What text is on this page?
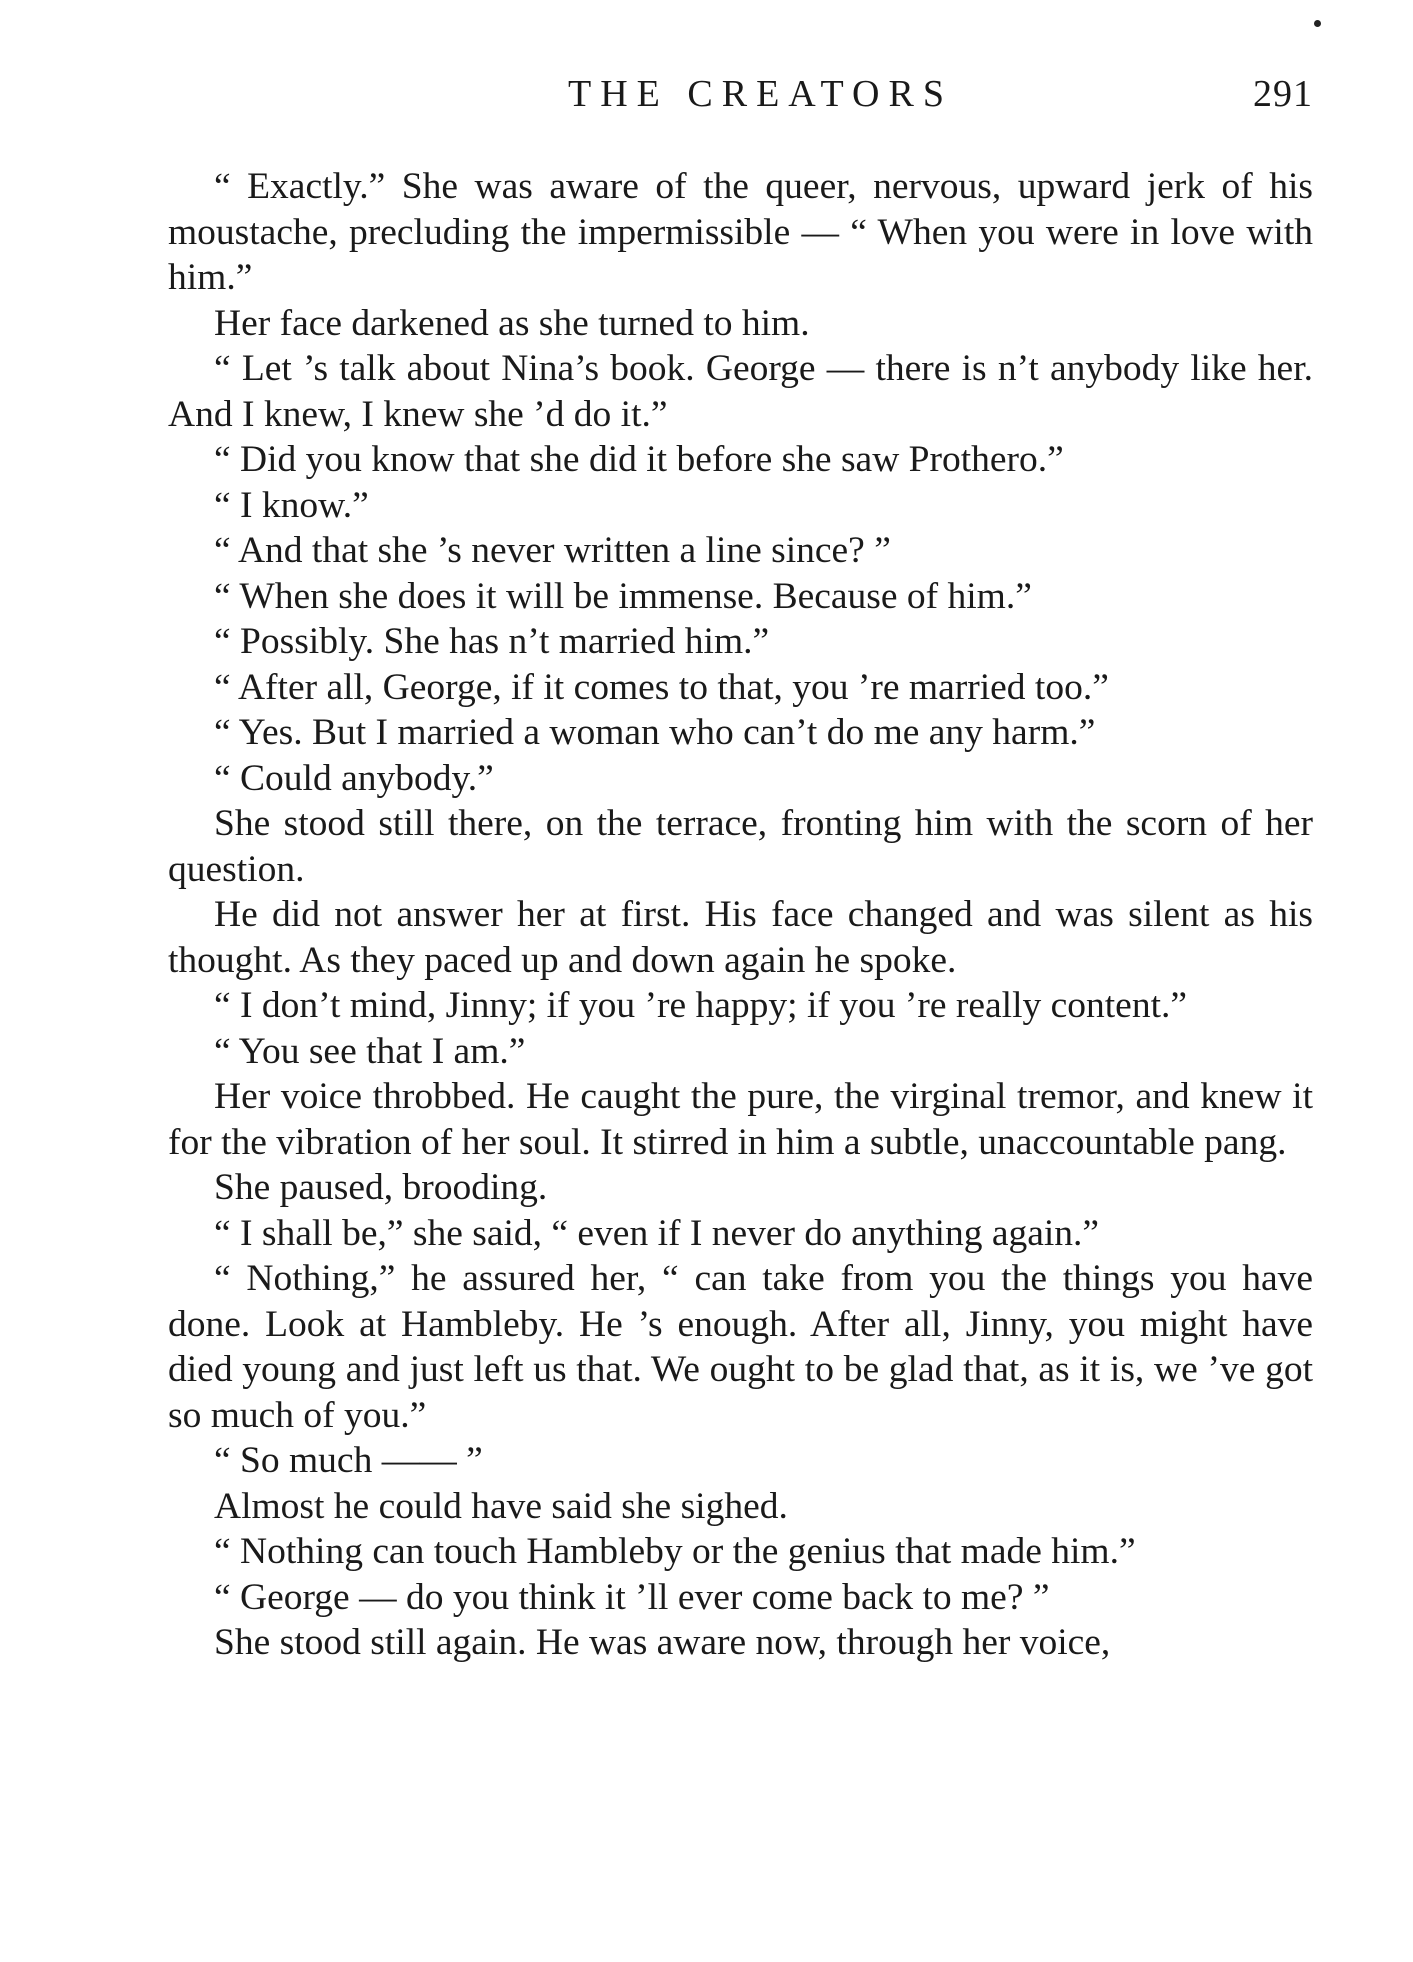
THE CREATORS	291

“ Exactly.” She was aware of the queer, nervous, upward jerk of his moustache, precluding the impermissible — “ When you were in love with him.”

Her face darkened as she turned to him.

“ Let ’s talk about Nina’s book. George — there is n’t anybody like her. And I knew, I knew she ’d do it.”

“ Did you know that she did it before she saw Prothero.”

“ I know.”

“ And that she ’s never written a line since? ”

“ When she does it will be immense. Because of him.”

“ Possibly. She has n’t married him.”

“ After all, George, if it comes to that, you ’re married too.”

“ Yes. But I married a woman who can’t do me any harm.”

“ Could anybody.”

She stood still there, on the terrace, fronting him with the scorn of her question.

He did not answer her at first. His face changed and was silent as his thought. As they paced up and down again he spoke.

“ I don’t mind, Jinny; if you ’re happy; if you ’re really content.”

“ You see that I am.”

Her voice throbbed. He caught the pure, the virginal tremor, and knew it for the vibration of her soul. It stirred in him a subtle, unaccountable pang.

She paused, brooding.

“ I shall be,” she said, “ even if I never do anything again.”

“ Nothing,” he assured her, “ can take from you the things you have done. Look at Hambleby. He ’s enough. After all, Jinny, you might have died young and just left us that. We ought to be glad that, as it is, we ’ve got so much of you.”

“ So much —— ”

Almost he could have said she sighed.

“ Nothing can touch Hambleby or the genius that made him.”

“ George — do you think it ’ll ever come back to me? ”

She stood still again. He was aware now, through her voice,
